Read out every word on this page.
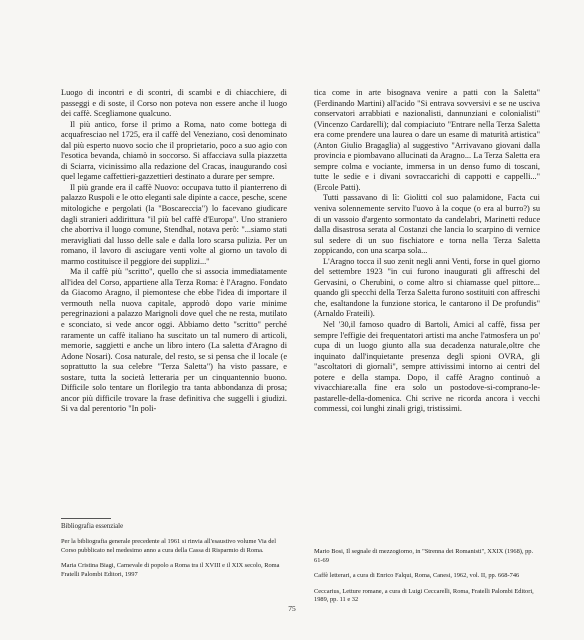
Luogo di incontri e di scontri, di scambi e di chiacchiere, di passeggi e di soste, il Corso non poteva non essere anche il luogo dei caffè. Scegliamone qualcuno.

Il più antico, forse il primo a Roma, nato come bottega di acquafresciao nel 1725, era il caffè del Veneziano, così denominato dal più esperto nuovo socio che il proprietario, poco a suo agio con l'esotica bevanda, chiamò in soccorso. Si affacciava sulla piazzetta di Sciarra, vicinissimo alla redazione del Cracas, inaugurando così quel legame caffettieri-gazzettieri destinato a durare per sempre.

Il più grande era il caffè Nuovo: occupava tutto il pianterreno di palazzo Ruspoli e le otto eleganti sale dipinte a cacce, pesche, scene mitologiche e pergolati (la "Boscareccia") lo facevano giudicare dagli stranieri addirittura "il più bel caffè d'Europa". Uno straniero che aborriva il luogo comune, Stendhal, notava però: "...siamo stati meravigliati dal lusso delle sale e dalla loro scarsa pulizia. Per un romano, il lavoro di asciugare venti volte al giorno un tavolo di marmo costituisce il peggiore dei supplizi..."

Ma il caffè più "scritto", quello che si associa immediatamente all'idea del Corso, appartiene alla Terza Roma: è l'Aragno. Fondato da Giacomo Aragno, il piemontese che ebbe l'idea di importare il vermouth nella nuova capitale, approdò dopo varie minime peregrinazioni a palazzo Marignoli dove quel che ne resta, mutilato e sconciato, si vede ancor oggi. Abbiamo detto "scritto" perché raramente un caffè italiano ha suscitato un tal numero di articoli, memorie, saggietti e anche un libro intero (La saletta d'Aragno di Adone Nosari). Cosa naturale, del resto, se si pensa che il locale (e soprattutto la sua celebre "Terza Saletta") ha visto passare, e sostare, tutta la società letteraria per un cinquantennio buono. Difficile solo tentare un florilegio tra tanta abbondanza di prosa; ancor più difficile trovare la frase definitiva che suggelli i giudizi. Si va dal perentorio "In poli-

tica come in arte bisognava venire a patti con la Saletta" (Ferdinando Martini) all'acido "Si entrava sovversivi e se ne usciva conservatori arrabbiati e nazionalisti, dannunziani e colonialisti" (Vincenzo Cardarelli); dal compiaciuto "Entrare nella Terza Saletta era come prendere una laurea o dare un esame di maturità artistica" (Anton Giulio Bragaglia) al suggestivo "Arrivavano giovani dalla provincia e piombavano allucinati da Aragno... La Terza Saletta era sempre colma e vociante, immersa in un denso fumo di toscani, tutte le sedie e i divani sovraccarichi di cappotti e cappelli..." (Ercole Patti).

Tutti passavano di lì: Giolitti col suo palamidone, Facta cui veniva solennemente servito l'uovo à la coque (o era al burro?) su di un vassoio d'argento sormontato da candelabri, Marinetti reduce dalla disastrosa serata al Costanzi che lancia lo scarpino di vernice sul sedere di un suo fischiatore e torna nella Terza Saletta zoppicando, con una scarpa sola...

L'Aragno tocca il suo zenit negli anni Venti, forse in quel giorno del settembre 1923 "in cui furono inaugurati gli affreschi del Gervasini, o Cherubini, o come altro si chiamasse quel pittore... quando gli specchi della Terza Saletta furono sostituiti con affreschi che, esaltandone la funzione storica, le cantarono il De profundis" (Arnaldo Frateili).

Nel '30,il famoso quadro di Bartoli, Amici al caffè, fissa per sempre l'effigie dei frequentatori artisti ma anche l'atmosfera un po' cupa di un luogo giunto alla sua decadenza naturale,oltre che inquinato dall'inquietante presenza degli spioni OVRA, gli "ascoltatori di giornali", sempre attivissimi intorno ai centri del potere e della stampa. Dopo, il caffè Aragno continuò a vivacchiare:alla fine era solo un postodove-si-comprano-le-pastarelle-della-domenica. Chi scrive ne ricorda ancora i vecchi commessi, coi lunghi zinali grigi, tristissimi.

Bibliografia essenziale

Per la bibliografia generale precedente al 1961 si rinvia all'esaustivo volume Via del Corso pubblicato nel medesimo anno a cura della Cassa di Risparmio di Roma.

Maria Cristina Biagi, Carnevale di popolo a Roma tra il XVIII e il XIX secolo, Roma Fratelli Palombi Editori, 1997

Mario Bosi, Il segnale di mezzogiorno, in "Strenna dei Romanisti", XXIX (1968), pp. 61-69

Caffè letterari, a cura di Enrico Falqui, Roma, Canesi, 1962, vol. II, pp. 668-746

Ceccarius, Letture romane, a cura di Luigi Ceccarelli, Roma, Fratelli Palombi Editori, 1989, pp. 11 e 32

75
